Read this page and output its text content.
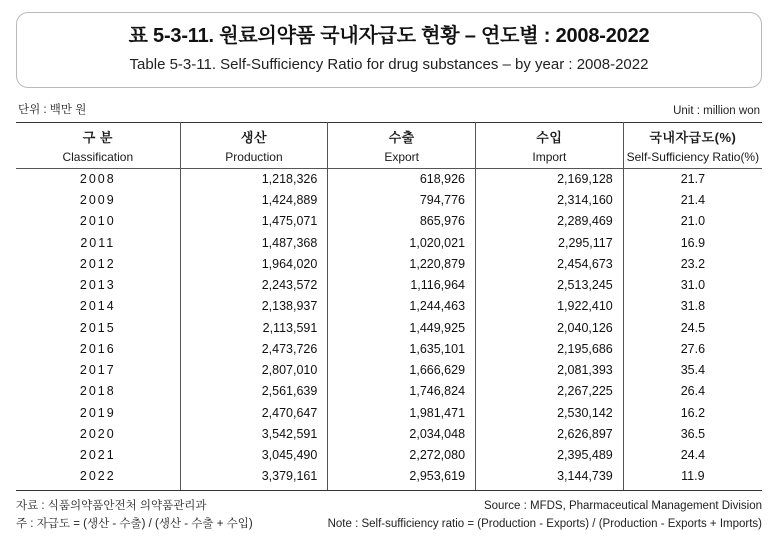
표 5-3-11. 원료의약품 국내자급도 현황 – 연도별 : 2008-2022
Table 5-3-11. Self-Sufficiency Ratio for drug substances – by year : 2008-2022
단위 : 백만 원	Unit : million won
구 분	생산	수출	수입	국내자급도(%)
Classification	Production	Export	Import	Self-Sufficiency Ratio(%)
2008	1,218,326	618,926	2,169,128	21.7
2009	1,424,889	794,776	2,314,160	21.4
2010	1,475,071	865,976	2,289,469	21.0
2011	1,487,368	1,020,021	2,295,117	16.9
2012	1,964,020	1,220,879	2,454,673	23.2
2013	2,243,572	1,116,964	2,513,245	31.0
2014	2,138,937	1,244,463	1,922,410	31.8
2015	2,113,591	1,449,925	2,040,126	24.5
2016	2,473,726	1,635,101	2,195,686	27.6
2017	2,807,010	1,666,629	2,081,393	35.4
2018	2,561,639	1,746,824	2,267,225	26.4
2019	2,470,647	1,981,471	2,530,142	16.2
2020	3,542,591	2,034,048	2,626,897	36.5
2021	3,045,490	2,272,080	2,395,489	24.4
2022	3,379,161	2,953,619	3,144,739	11.9
자료 : 식품의약품안전처 의약품관리과	Source : MFDS, Pharmaceutical Management Division
주 : 자급도 = (생산 - 수출) / (생산 - 수출 + 수입)	Note : Self-sufficiency ratio = (Production - Exports) / (Production - Exports + Imports)
